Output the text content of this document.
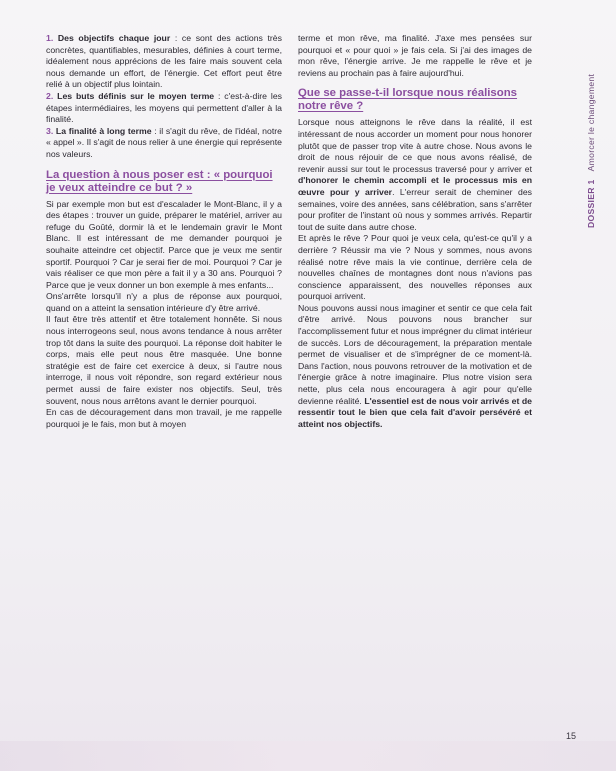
1. Des objectifs chaque jour : ce sont des actions très concrètes, quantifiables, mesurables, définies à court terme, idéalement nous apprécions de les faire mais souvent cela nous demande un effort, de l'énergie. Cet effort peut être relié à un objectif plus lointain.

2. Les buts définis sur le moyen terme : c'est-à-dire les étapes intermédiaires, les moyens qui permettent d'aller à la finalité.

3. La finalité à long terme : il s'agit du rêve, de l'idéal, notre « appel ». Il s'agit de nous relier à une énergie qui représente nos valeurs.

La question à nous poser est : « pourquoi je veux atteindre ce but ? »

Si par exemple mon but est d'escalader le Mont-Blanc, il y a des étapes : trouver un guide, préparer le matériel, arriver au refuge du Goûté, dormir là et le lendemain gravir le Mont Blanc. Il est intéressant de me demander pourquoi je souhaite atteindre cet objectif. Parce que je veux me sentir sportif. Pourquoi ? Car je serai fier de moi. Pourquoi ? Car je vais réaliser ce que mon père a fait il y a 30 ans. Pourquoi ? Parce que je veux donner un bon exemple à mes enfants...

Ons'arrête lorsqu'il n'y a plus de réponse aux pourquoi, quand on a atteint la sensation intérieure d'y être arrivé.

Il faut être très attentif et être totalement honnête. Si nous nous interrogeons seul, nous avons tendance à nous arrêter trop tôt dans la suite des pourquoi. La réponse doit habiter le corps, mais elle peut nous être masquée. Une bonne stratégie est de faire cet exercice à deux, si l'autre nous interroge, il nous voit répondre, son regard extérieur nous permet aussi de faire exister nos objectifs. Seul, très souvent, nous nous arrêtons avant le dernier pourquoi.

En cas de découragement dans mon travail, je me rappelle pourquoi je le fais, mon but à moyen

terme et mon rêve, ma finalité. J'axe mes pensées sur pourquoi et « pour quoi » je fais cela. Si j'ai des images de mon rêve, l'énergie arrive. Je me rappelle le rêve et je reviens au prochain pas à faire aujourd'hui.

Que se passe-t-il lorsque nous réalisons notre rêve ?

Lorsque nous atteignons le rêve dans la réalité, il est intéressant de nous accorder un moment pour nous honorer plutôt que de passer trop vite à autre chose. Nous avons le droit de nous réjouir de ce que nous avons réalisé, de revenir aussi sur tout le processus traversé pour y arriver et d'honorer le chemin accompli et le processus mis en œuvre pour y arriver. L'erreur serait de cheminer des semaines, voire des années, sans célébration, sans s'arrêter pour profiter de l'instant où nous y sommes arrivés. Repartir tout de suite dans autre chose.

Et après le rêve ? Pour quoi je veux cela, qu'est-ce qu'il y a derrière ? Réussir ma vie ? Nous y sommes, nous avons réalisé notre rêve mais la vie continue, derrière cela de nouvelles chaînes de montagnes dont nous n'avions pas conscience apparaissent, des nouvelles réponses aux pourquoi arrivent.

Nous pouvons aussi nous imaginer et sentir ce que cela fait d'être arrivé. Nous pouvons nous brancher sur l'accomplissement futur et nous imprégner du climat intérieur de succès. Lors de découragement, la préparation mentale permet de visualiser et de s'imprégner de ce moment-là. Dans l'action, nous pouvons retrouver de la motivation et de l'énergie grâce à notre imaginaire. Plus notre vision sera nette, plus cela nous encouragera à agir pour qu'elle devienne réalité. L'essentiel est de nous voir arrivés et de ressentir tout le bien que cela fait d'avoir persévéré et atteint nos objectifs.

DOSSIER 1   Amorcer le changement
15
